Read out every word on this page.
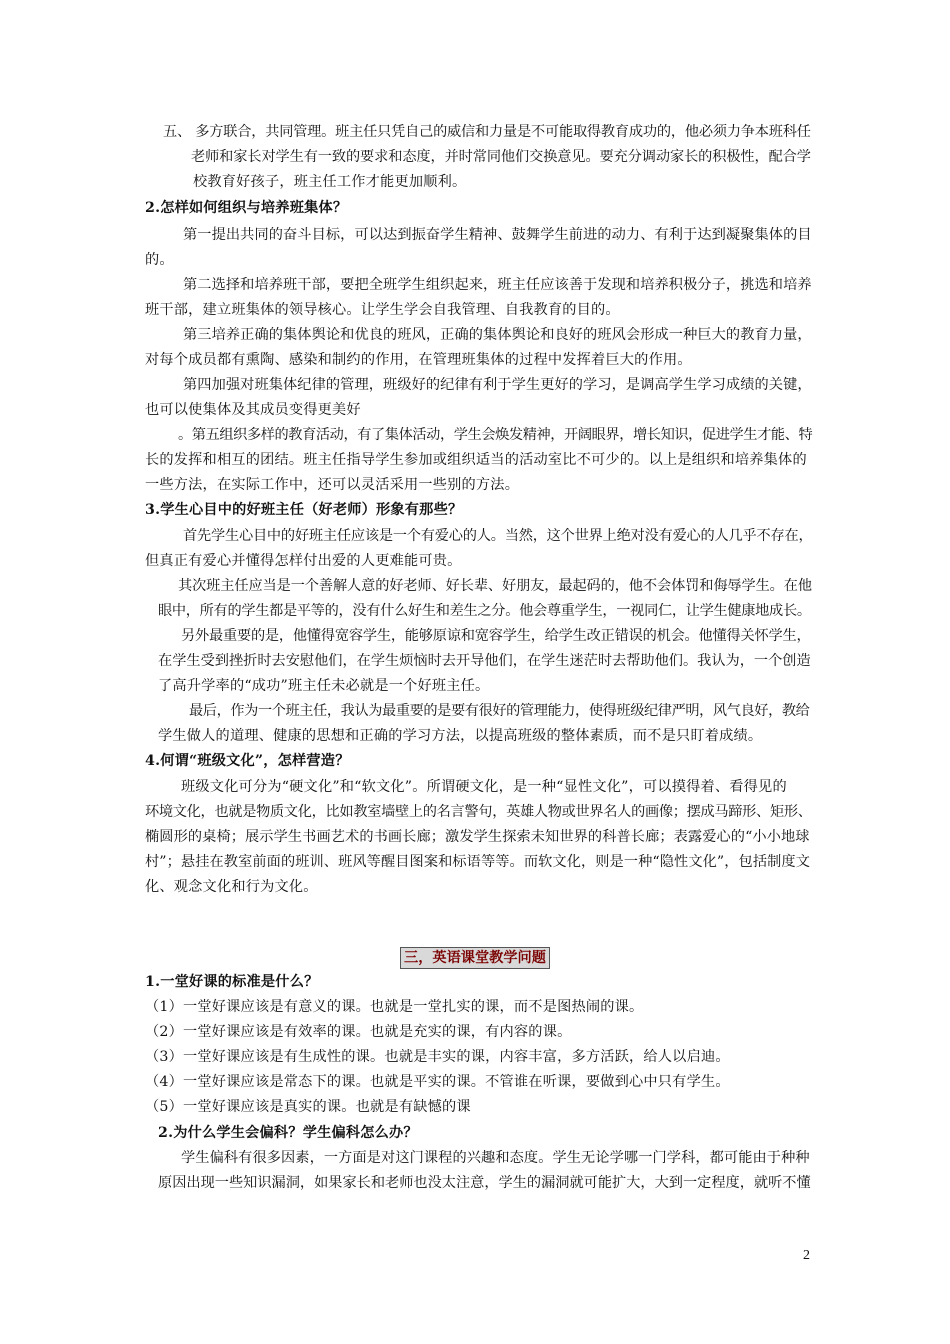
五、 多方联合，共同管理。班主任只凭自己的威信和力量是不可能取得教育成功的，他必须力争本班科任
老师和家长对学生有一致的要求和态度，并时常同他们交换意见。要充分调动家长的积极性，配合学
校教育好孩子，班主任工作才能更加顺利。
2.怎样如何组织与培养班集体？
第一提出共同的奋斗目标，可以达到振奋学生精神、鼓舞学生前进的动力、有利于达到凝聚集体的目
的。
第二选择和培养班干部，要把全班学生组织起来，班主任应该善于发现和培养积极分子，挑选和培养
班干部，建立班集体的领导核心。让学生学会自我管理、自我教育的目的。
第三培养正确的集体舆论和优良的班风，正确的集体舆论和良好的班风会形成一种巨大的教育力量，
对每个成员都有熏陶、感染和制约的作用，在管理班集体的过程中发挥着巨大的作用。
第四加强对班集体纪律的管理，班级好的纪律有利于学生更好的学习，是调高学生学习成绩的关键，
也可以使集体及其成员变得更美好
。第五组织多样的教育活动，有了集体活动，学生会焕发精神，开阔眼界，增长知识，促进学生才能、特
长的发挥和相互的团结。班主任指导学生参加或组织适当的活动室比不可少的。以上是组织和培养集体的
一些方法，在实际工作中，还可以灵活采用一些别的方法。
3.学生心目中的好班主任（好老师）形象有那些？
首先学生心目中的好班主任应该是一个有爱心的人。当然，这个世界上绝对没有爱心的人几乎不存在，
但真正有爱心并懂得怎样付出爱的人更难能可贵。
其次班主任应当是一个善解人意的好老师、好长辈、好朋友，最起码的，他不会体罚和侮辱学生。在他
眼中，所有的学生都是平等的，没有什么好生和差生之分。他会尊重学生，一视同仁，让学生健康地成长。
另外最重要的是，他懂得宽容学生，能够原谅和宽容学生，给学生改正错误的机会。他懂得关怀学生，
在学生受到挫折时去安慰他们，在学生烦恼时去开导他们，在学生迷茫时去帮助他们。我认为，一个创造
了高升学率的“成功”班主任未必就是一个好班主任。
最后，作为一个班主任，我认为最重要的是要有很好的管理能力，使得班级纪律严明，风气良好，教给
学生做人的道理、健康的思想和正确的学习方法，以提高班级的整体素质，而不是只盯着成绩。
4.何谓“班级文化”，怎样营造？
班级文化可分为“硬文化”和“软文化”。所谓硬文化，是一种“显性文化”，可以摸得着、看得见的
环境文化，也就是物质文化，比如教室墙壁上的名言警句，英雄人物或世界名人的画像；摆成马蹄形、矩形、
椭圆形的桌椅；展示学生书画艺术的书画长廊；激发学生探索未知世界的科普长廊；表露爱心的“小小地球
村”；悬挂在教室前面的班训、班风等醒目图案和标语等等。而软文化，则是一种“隐性文化”，包括制度文
化、观念文化和行为文化。
1.一堂好课的标准是什么？
（1）一堂好课应该是有意义的课。也就是一堂扎实的课，而不是图热闹的课。
（2）一堂好课应该是有效率的课。也就是充实的课，有内容的课。
（3）一堂好课应该是有生成性的课。也就是丰实的课，内容丰富，多方活跃，给人以启迪。
（4）一堂好课应该是常态下的课。也就是平实的课。不管谁在听课，要做到心中只有学生。
（5）一堂好课应该是真实的课。也就是有缺憾的课
2.为什么学生会偏科？学生偏科怎么办？
学生偏科有很多因素，一方面是对这门课程的兴趣和态度。学生无论学哪一门学科，都可能由于种种
原因出现一些知识漏洞，如果家长和老师也没太注意，学生的漏洞就可能扩大，大到一定程度，就听不懂
三，英语课堂教学问题
2
